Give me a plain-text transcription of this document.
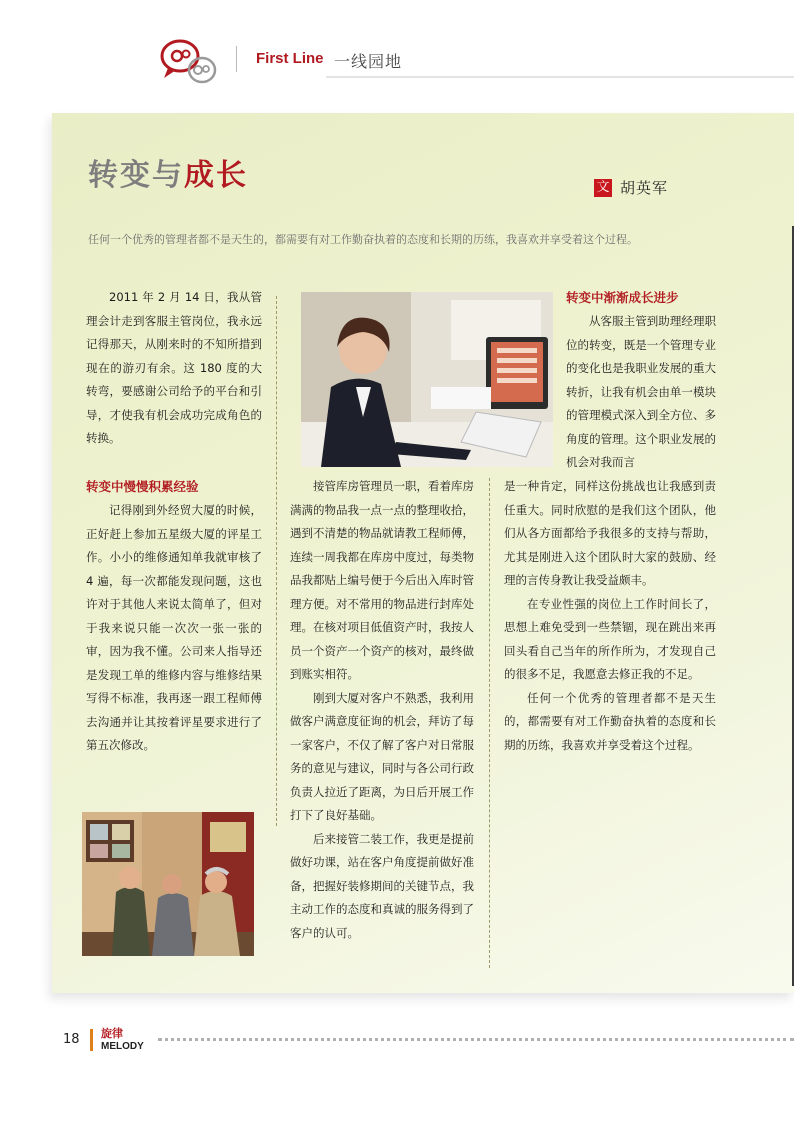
First Line 一线园地
转变与成长	文 胡英军
任何一个优秀的管理者都不是天生的，都需要有对工作勤奋执着的态度和长期的历练，我喜欢并享受着这个过程。

2011 年 2 月 14 日，我从管理会计走到客服主管岗位，我永远记得那天，从刚来时的不知所措到现在的游刃有余。这 180 度的大转弯，要感谢公司给予的平台和引导，才使我有机会成功完成角色的转换。

转变中慢慢积累经验

记得刚到外经贸大厦的时候，正好赶上参加五星级大厦的评星工作。小小的维修通知单我就审核了 4 遍，每一次都能发现问题，这也许对于其他人来说太简单了，但对于我来说只能一次次一张一张的审，因为我不懂。公司来人指导还是发现工单的维修内容与维修结果写得不标准，我再逐一跟工程师傅去沟通并让其按着评星要求进行了第五次修改。

接管库房管理员一职，看着库房满满的物品我一点一点的整理收拾，遇到不清楚的物品就请教工程师傅，连续一周我都在库房中度过，每类物品我都贴上编号便于今后出入库时管理方便。对不常用的物品进行封库处理。在核对项目低值资产时，我按人员一个资产一个资产的核对，最终做到账实相符。

刚到大厦对客户不熟悉，我利用做客户满意度征询的机会，拜访了每一家客户，不仅了解了客户对日常服务的意见与建议，同时与各公司行政负责人拉近了距离，为日后开展工作打下了良好基础。

后来接管二装工作，我更是提前做好功课，站在客户角度提前做好准备，把握好装修期间的关键节点，我主动工作的态度和真诚的服务得到了客户的认可。

转变中渐渐成长进步

从客服主管到助理经理职位的转变，既是一个管理专业的变化也是我职业发展的重大转折，让我有机会由单一模块的管理模式深入到全方位、多角度的管理。这个职业发展的机会对我而言

是一种肯定，同样这份挑战也让我感到责任重大。同时欣慰的是我们这个团队，他们从各方面都给予我很多的支持与帮助，尤其是刚进入这个团队时大家的鼓励、经理的言传身教让我受益颇丰。

在专业性强的岗位上工作时间长了，思想上难免受到一些禁锢，现在跳出来再回头看自己当年的所作所为，才发现自己的很多不足，我愿意去修正我的不足。

任何一个优秀的管理者都不是天生的，都需要有对工作勤奋执着的态度和长期的历练，我喜欢并享受着这个过程。

18 旋律
MELODY
